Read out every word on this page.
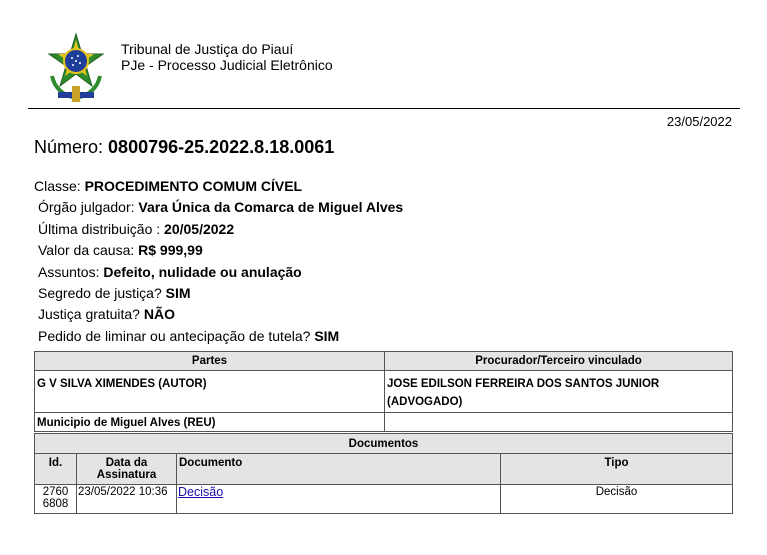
Tribunal de Justiça do Piauí
PJe - Processo Judicial Eletrônico
23/05/2022
Número: 0800796-25.2022.8.18.0061
Classe: PROCEDIMENTO COMUM CÍVEL
Órgão julgador: Vara Única da Comarca de Miguel Alves
Última distribuição : 20/05/2022
Valor da causa: R$ 999,99
Assuntos: Defeito, nulidade ou anulação
Segredo de justiça? SIM
Justiça gratuita? NÃO
Pedido de liminar ou antecipação de tutela? SIM
Partes	Procurador/Terceiro vinculado
G V SILVA XIMENDES (AUTOR)	JOSE EDILSON FERREIRA DOS SANTOS JUNIOR (ADVOGADO)
Municipio de Miguel Alves (REU)	
Documentos			
Id.	Data da Assinatura	Documento	Tipo
27606808	23/05/2022 10:36	Decisão	Decisão
